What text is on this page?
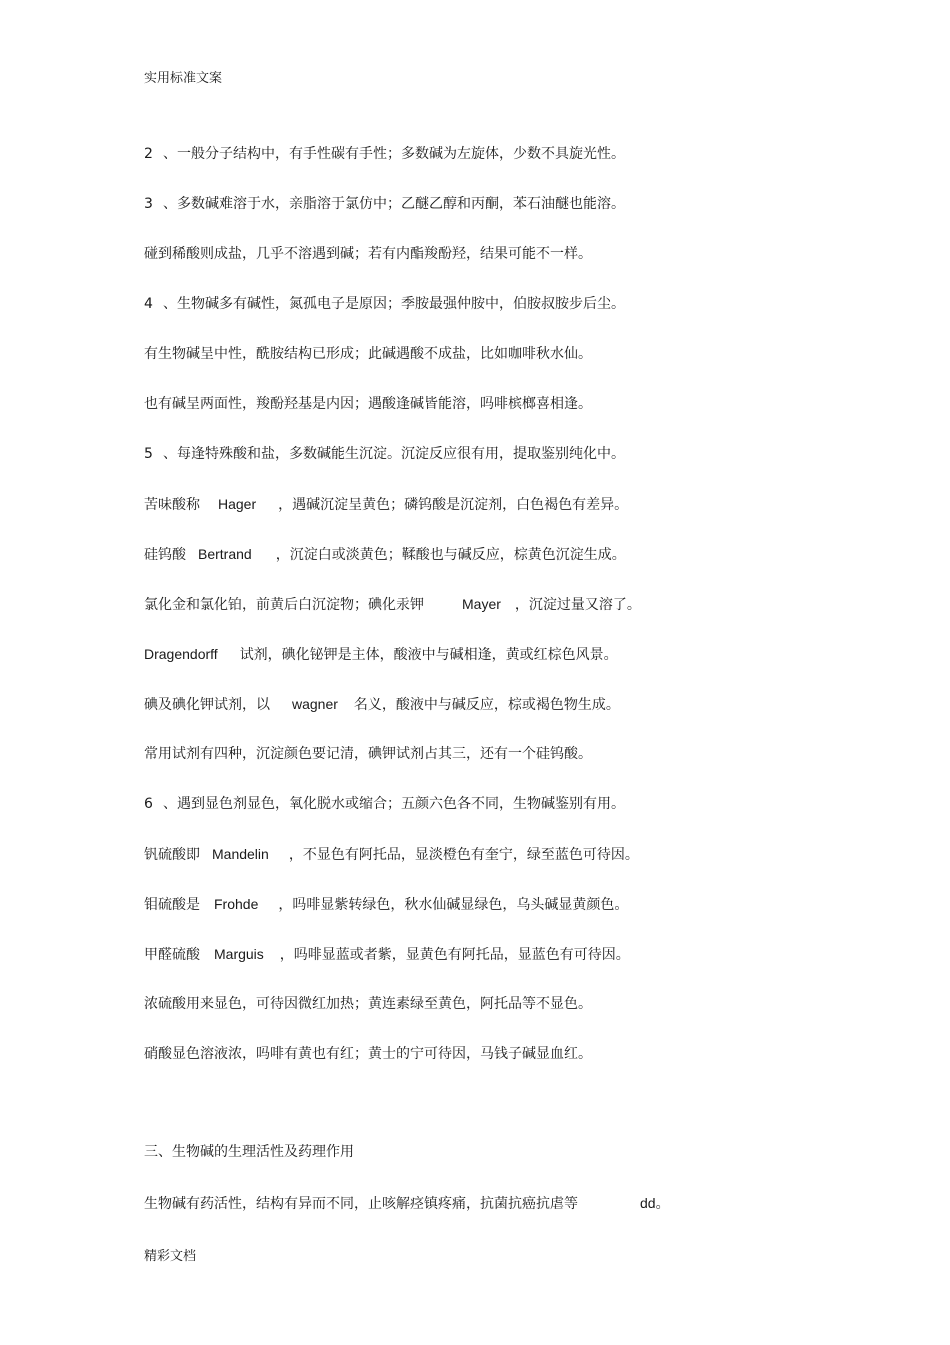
实用标准文案
2 、一般分子结构中，有手性碳有手性；多数碱为左旋体，少数不具旋光性。
3 、多数碱难溶于水，亲脂溶于氯仿中；乙醚乙醇和丙酮，苯石油醚也能溶。
碰到稀酸则成盐，几乎不溶遇到碱；若有内酯羧酚羟，结果可能不一样。
4 、生物碱多有碱性，氮孤电子是原因；季胺最强仲胺中，伯胺叔胺步后尘。
有生物碱呈中性，酰胺结构已形成；此碱遇酸不成盐，比如咖啡秋水仙。
也有碱呈两面性，羧酚羟基是内因；遇酸逢碱皆能溶，吗啡槟榔喜相逢。
5 、每逢特殊酸和盐，多数碱能生沉淀。沉淀反应很有用，提取鉴别纯化中。
苦味酸称 Hager ，遇碱沉淀呈黄色；磷钨酸是沉淀剂，白色褐色有差异。
硅钨酸 Bertrand ，沉淀白或淡黄色；鞣酸也与碱反应，棕黄色沉淀生成。
氯化金和氯化铂，前黄后白沉淀物；碘化汞钾	Mayer ，沉淀过量又溶了。
Dragendorff 试剂，碘化铋钾是主体，酸液中与碱相逢，黄或红棕色风景。
碘及碘化钾试剂，以 wagner 名义，酸液中与碱反应，棕或褐色物生成。
常用试剂有四种，沉淀颜色要记清，碘钾试剂占其三，还有一个硅钨酸。
6 、遇到显色剂显色，氧化脱水或缩合；五颜六色各不同，生物碱鉴别有用。
钒硫酸即 Mandelin ，不显色有阿托品，显淡橙色有奎宁，绿至蓝色可待因。
钼硫酸是 Frohde ，吗啡显紫转绿色，秋水仙碱显绿色，乌头碱显黄颜色。
甲醛硫酸 Marguis ，吗啡显蓝或者紫，显黄色有阿托品，显蓝色有可待因。
浓硫酸用来显色，可待因微红加热；黄连素绿至黄色，阿托品等不显色。
硝酸显色溶液浓，吗啡有黄也有红；黄士的宁可待因，马钱子碱显血红。
三、生物碱的生理活性及药理作用
生物碱有药活性，结构有异而不同，止咳解痉镇疼痛，抗菌抗癌抗虐等	dd。
精彩文档
